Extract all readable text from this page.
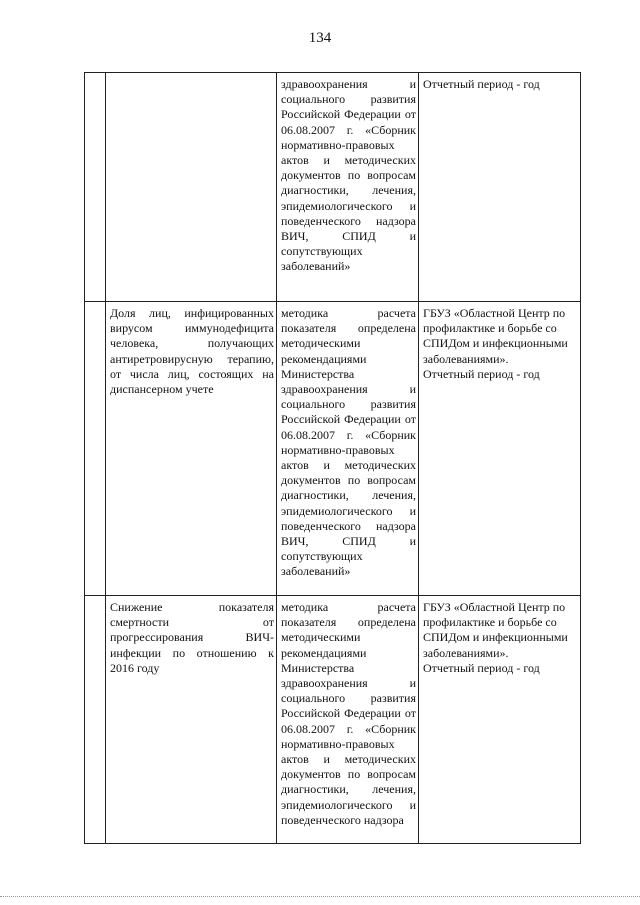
134
		здравоохранения и социального развития Российской Федерации от 06.08.2007 г. «Сборник нормативно-правовых актов и методических документов по вопросам диагностики, лечения, эпидемиологического и поведенческого надзора ВИЧ, СПИД и сопутствующих заболеваний»	Отчетный период - год

	Доля лиц, инфицированных вирусом иммунодефицита человека, получающих антиретровирусную терапию, от числа лиц, состоящих на диспансерном учете	методика расчета показателя определена методическими рекомендациями Министерства здравоохранения и социального развития Российской Федерации от 06.08.2007 г. «Сборник нормативно-правовых актов и методических документов по вопросам диагностики, лечения, эпидемиологического и поведенческого надзора ВИЧ, СПИД и сопутствующих заболеваний»	ГБУЗ «Областной Центр по профилактике и борьбе со СПИДом и инфекционными заболеваниями».
Отчетный период - год

	Снижение показателя смертности от прогрессирования ВИЧ-инфекции по отношению к 2016 году	методика расчета показателя определена методическими рекомендациями Министерства здравоохранения и социального развития Российской Федерации от 06.08.2007 г. «Сборник нормативно-правовых актов и методических документов по вопросам диагностики, лечения, эпидемиологического и поведенческого надзора	ГБУЗ «Областной Центр по профилактике и борьбе со СПИДом и инфекционными заболеваниями».
Отчетный период - год
